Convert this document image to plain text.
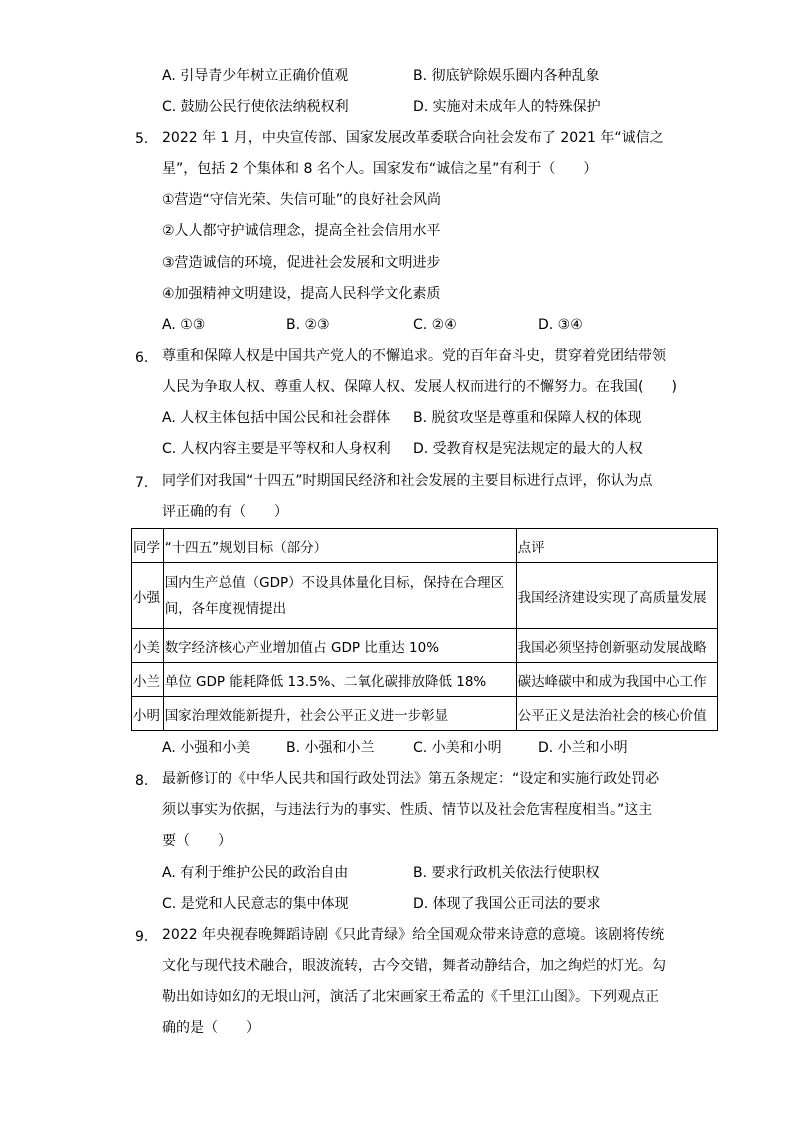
A. 引导青少年树立正确价值观	B. 彻底铲除娱乐圈内各种乱象
C. 鼓励公民行使依法纳税权利	D. 实施对未成年人的特殊保护
5. 2022 年 1 月，中央宣传部、国家发展改革委联合向社会发布了 2021 年“诚信之
星”，包括 2 个集体和 8 名个人。国家发布“诚信之星”有利于（　　）
①营造“守信光荣、失信可耻”的良好社会风尚
②人人都守护诚信理念，提高全社会信用水平
③营造诚信的环境，促进社会发展和文明进步
④加强精神文明建设，提高人民科学文化素质
A. ①③	B. ②③	C. ②④	D. ③④
6. 尊重和保障人权是中国共产党人的不懈追求。党的百年奋斗史，贯穿着党团结带领
人民为争取人权、尊重人权、保障人权、发展人权而进行的不懈努力。在我国(　　)
A. 人权主体包括中国公民和社会群体 B. 脱贫攻坚是尊重和保障人权的体现
C. 人权内容主要是平等权和人身权利 D. 受教育权是宪法规定的最大的人权
7. 同学们对我国“十四五”时期国民经济和社会发展的主要目标进行点评，你认为点
评正确的有（　　）
同学	“十四五”规划目标（部分）	点评
小强	国内生产总值（GDP）不设具体量化目标，保持在合理区间，各年度视情提出	我国经济建设实现了高质量发展
小美	数字经济核心产业增加值占 GDP 比重达 10%	我国必须坚持创新驱动发展战略
小兰	单位 GDP 能耗降低 13.5%、二氧化碳排放降低 18%	碳达峰碳中和成为我国中心工作
小明	国家治理效能新提升，社会公平正义进一步彰显	公平正义是法治社会的核心价值
A. 小强和小美	B. 小强和小兰	C. 小美和小明	D. 小兰和小明
8. 最新修订的《中华人民共和国行政处罚法》第五条规定：“设定和实施行政处罚必
须以事实为依据，与违法行为的事实、性质、情节以及社会危害程度相当。”这主
要（　　）
A. 有利于维护公民的政治自由	B. 要求行政机关依法行使职权
C. 是党和人民意志的集中体现	D. 体现了我国公正司法的要求
9. 2022 年央视春晚舞蹈诗剧《只此青绿》给全国观众带来诗意的意境。该剧将传统
文化与现代技术融合，眼波流转，古今交错，舞者动静结合，加之绚烂的灯光。勾
勒出如诗如幻的无垠山河，演活了北宋画家王希孟的《千里江山图》。下列观点正
确的是（　　）
